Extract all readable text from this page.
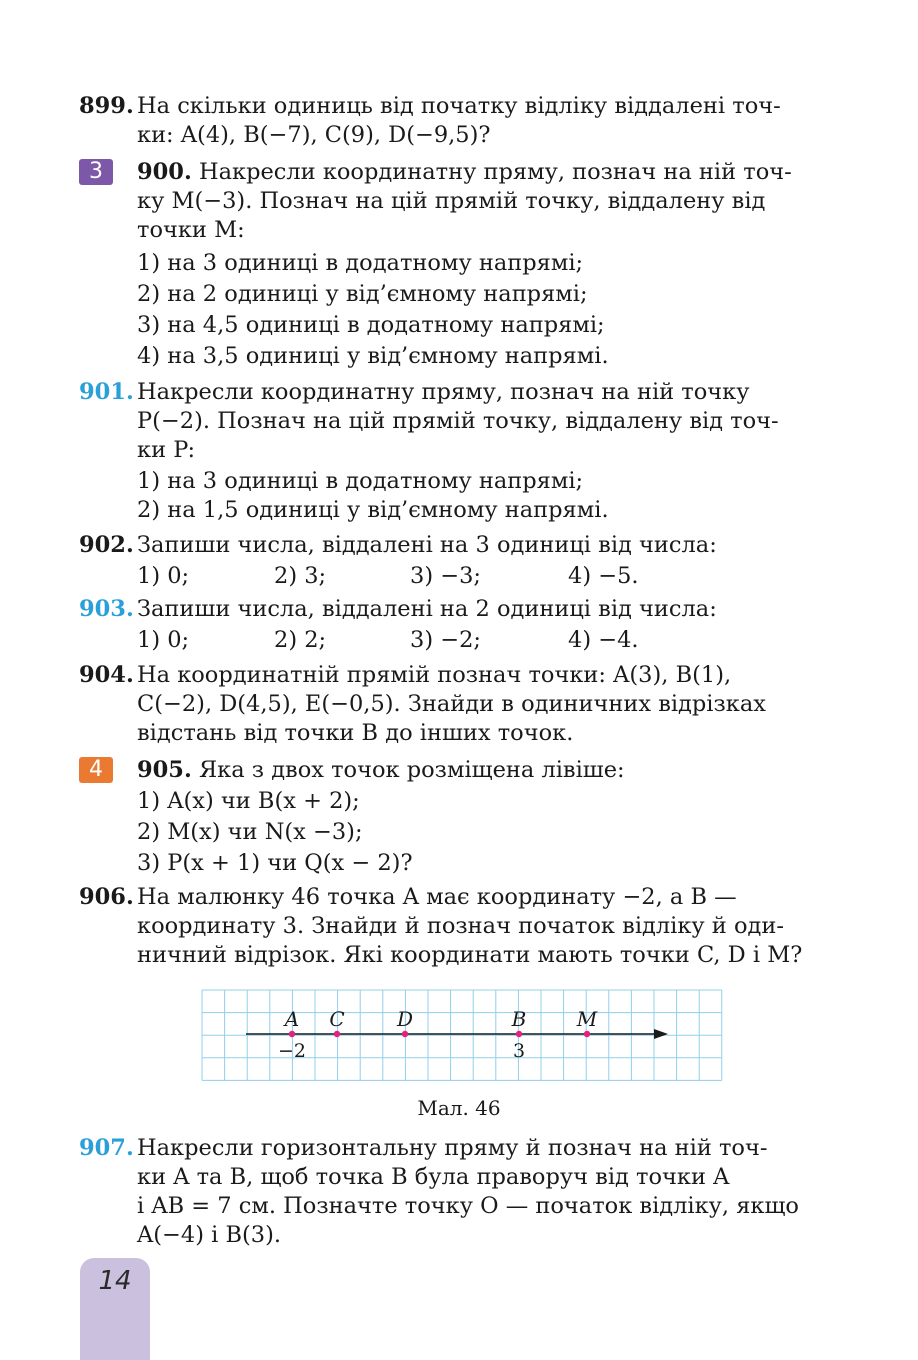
899. На скільки одиниць від початку відліку віддалені точ-
ки: A(4), B(−7), C(9), D(−9,5)?
3	900. Накресли координатну пряму, познач на ній точ-
ку M(−3). Познач на цій прямій точку, віддалену від
точки M:
1) на 3 одиниці в додатному напрямі;
2) на 2 одиниці у від’ємному напрямі;
3) на 4,5 одиниці в додатному напрямі;
4) на 3,5 одиниці у від’ємному напрямі.
901. Накресли координатну пряму, познач на ній точку
P(−2). Познач на цій прямій точку, віддалену від точ-
ки P:
1) на 3 одиниці в додатному напрямі;
2) на 1,5 одиниці у від’ємному напрямі.
902. Запиши числа, віддалені на 3 одиниці від числа:
1) 0;	2) 3;	3) −3;	4) −5.
903. Запиши числа, віддалені на 2 одиниці від числа:
1) 0;	2) 2;	3) −2;	4) −4.
904. На координатній прямій познач точки: A(3), B(1),
C(−2), D(4,5), E(−0,5). Знайди в одиничних відрізках
відстань від точки B до інших точок.
4	905. Яка з двох точок розміщена лівіше:
1) A(x) чи B(x + 2);
2) M(x) чи N(x −3);
3) P(x + 1) чи Q(x − 2)?
906. На малюнку 46 точка A має координату −2, а B —
координату 3. Знайди й познач початок відліку й оди-
ничний відрізок. Які координати мають точки C, D і M?
A C	D	B	M
−2	3
Мал. 46
907. Накресли горизонтальну пряму й познач на ній точ-
ки A та B, щоб точка B була праворуч від точки A
і AB = 7 см. Позначте точку O — початок відліку, якщо
A(−4) і B(3).
14
